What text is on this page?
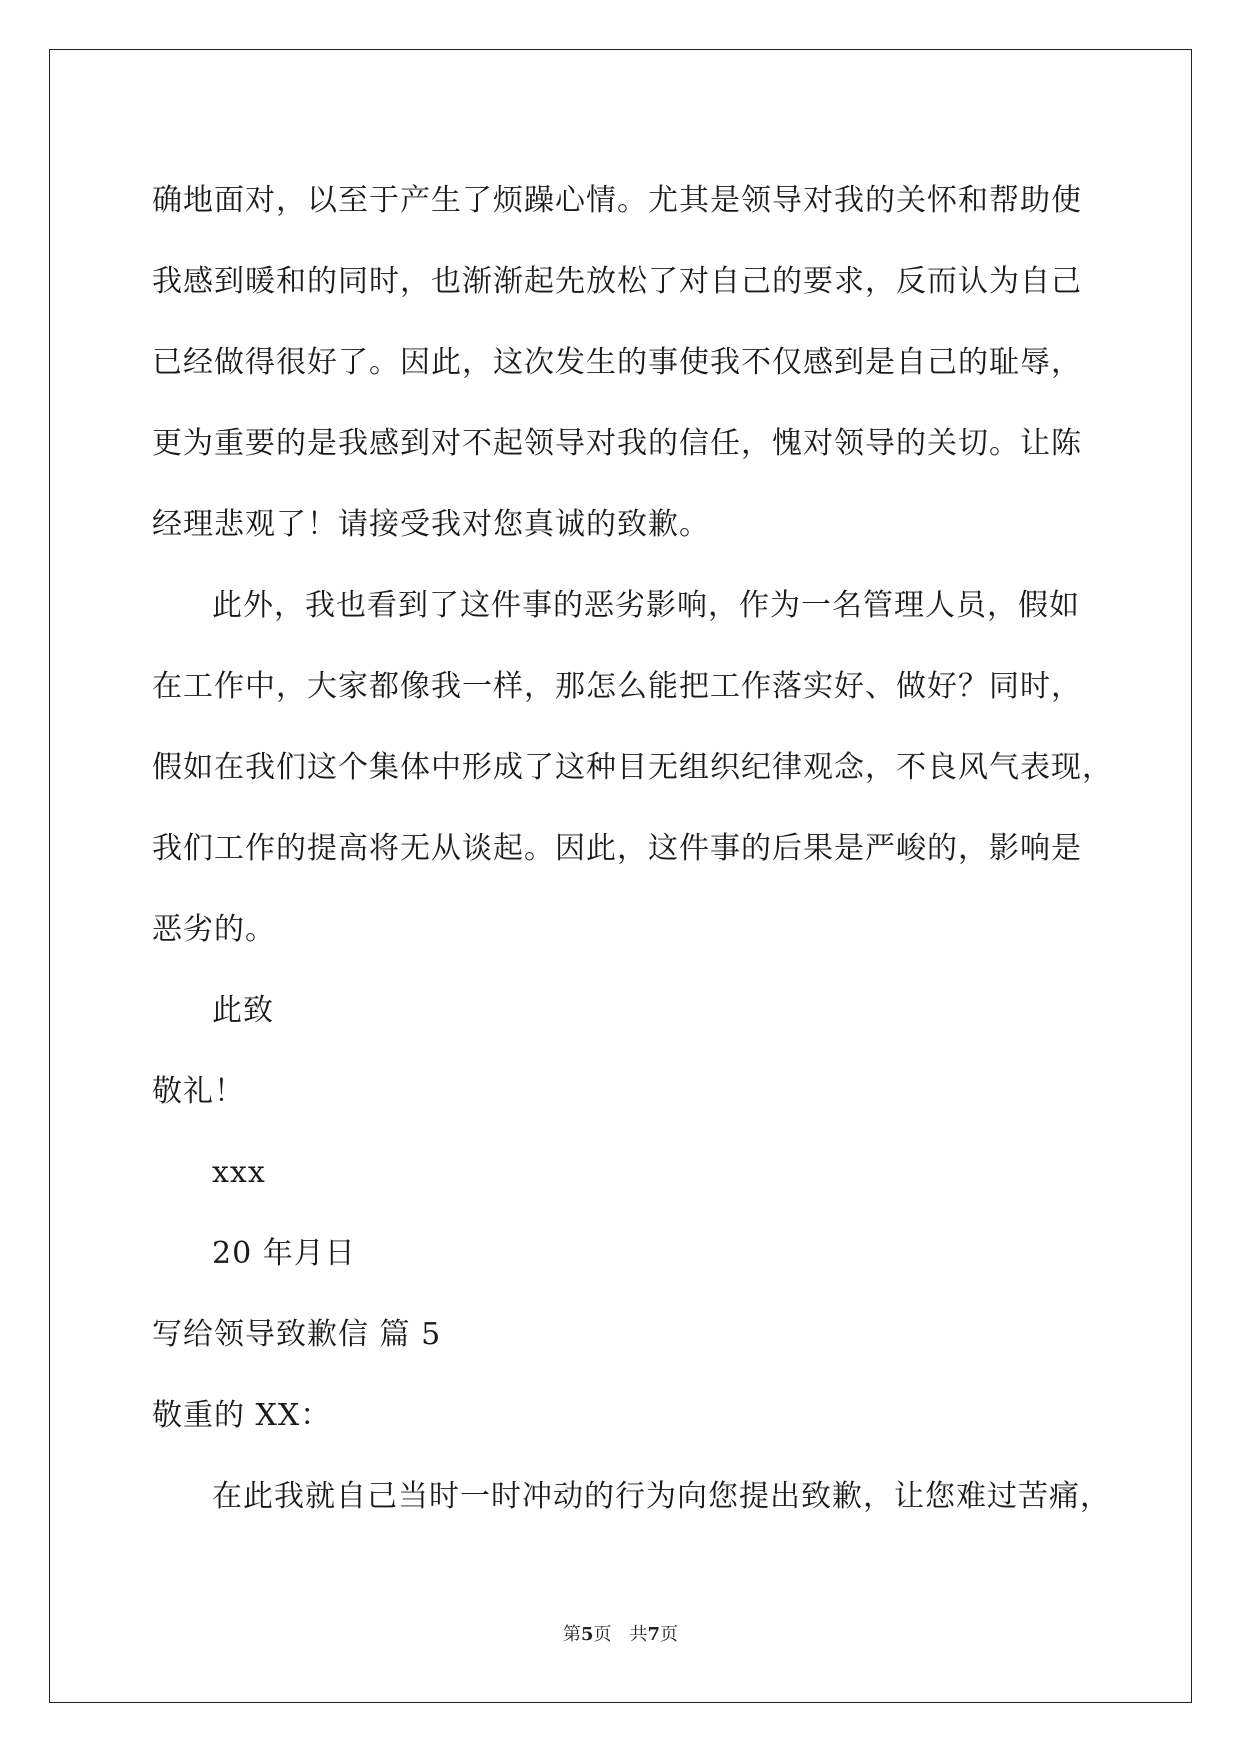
确地面对，以至于产生了烦躁心情。尤其是领导对我的关怀和帮助使
我感到暖和的同时，也渐渐起先放松了对自己的要求，反而认为自己
已经做得很好了。因此，这次发生的事使我不仅感到是自己的耻辱，
更为重要的是我感到对不起领导对我的信任，愧对领导的关切。让陈
经理悲观了！请接受我对您真诚的致歉。
此外，我也看到了这件事的恶劣影响，作为一名管理人员，假如
在工作中，大家都像我一样，那怎么能把工作落实好、做好？同时，
假如在我们这个集体中形成了这种目无组织纪律观念，不良风气表现，
我们工作的提高将无从谈起。因此，这件事的后果是严峻的，影响是
恶劣的。
此致
敬礼！
xxx
20 年月日
写给领导致歉信 篇 5
敬重的 XX：
在此我就自己当时一时冲动的行为向您提出致歉，让您难过苦痛，
第5页 共7页
